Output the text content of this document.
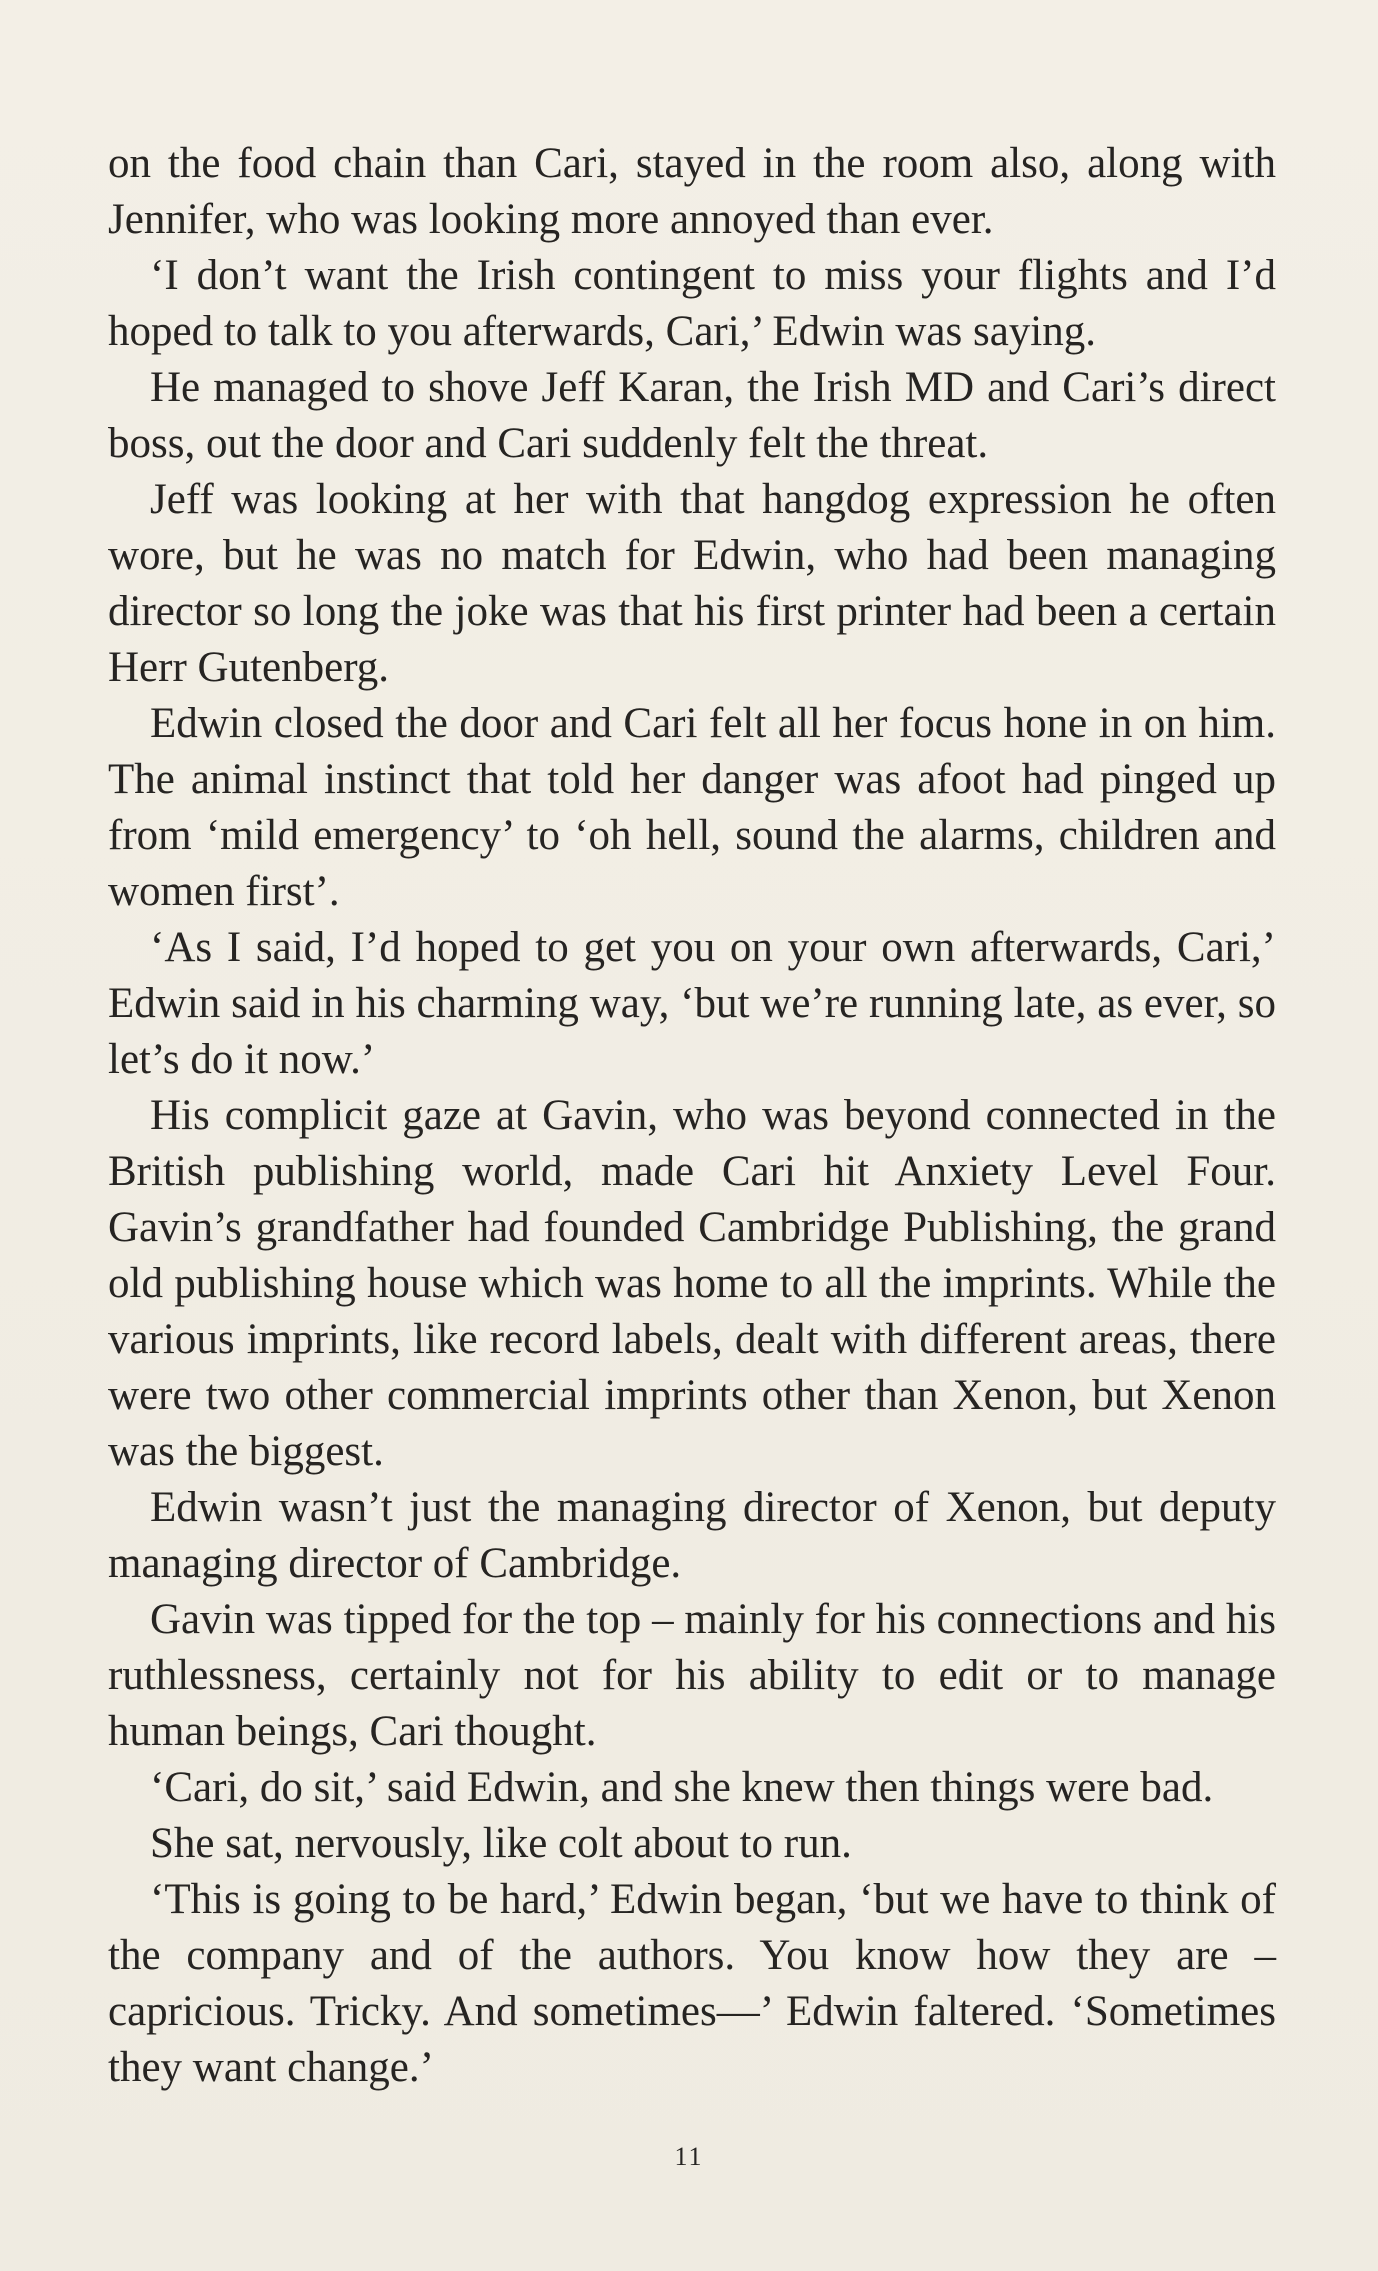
on the food chain than Cari, stayed in the room also, along with Jennifer, who was looking more annoyed than ever.

‘I don’t want the Irish contingent to miss your flights and I’d hoped to talk to you afterwards, Cari,’ Edwin was saying.

He managed to shove Jeff Karan, the Irish MD and Cari’s direct boss, out the door and Cari suddenly felt the threat.

Jeff was looking at her with that hangdog expression he often wore, but he was no match for Edwin, who had been managing director so long the joke was that his first printer had been a certain Herr Gutenberg.

Edwin closed the door and Cari felt all her focus hone in on him. The animal instinct that told her danger was afoot had pinged up from ‘mild emergency’ to ‘oh hell, sound the alarms, children and women first’.

‘As I said, I’d hoped to get you on your own afterwards, Cari,’ Edwin said in his charming way, ‘but we’re running late, as ever, so let’s do it now.’

His complicit gaze at Gavin, who was beyond connected in the British publishing world, made Cari hit Anxiety Level Four. Gavin’s grandfather had founded Cambridge Publishing, the grand old publishing house which was home to all the imprints. While the various imprints, like record labels, dealt with different areas, there were two other commercial imprints other than Xenon, but Xenon was the biggest.

Edwin wasn’t just the managing director of Xenon, but deputy managing director of Cambridge.

Gavin was tipped for the top – mainly for his connections and his ruthlessness, certainly not for his ability to edit or to manage human beings, Cari thought.

‘Cari, do sit,’ said Edwin, and she knew then things were bad.

She sat, nervously, like colt about to run.

‘This is going to be hard,’ Edwin began, ‘but we have to think of the company and of the authors. You know how they are – capricious. Tricky. And sometimes—’ Edwin faltered. ‘Sometimes they want change.’

11
